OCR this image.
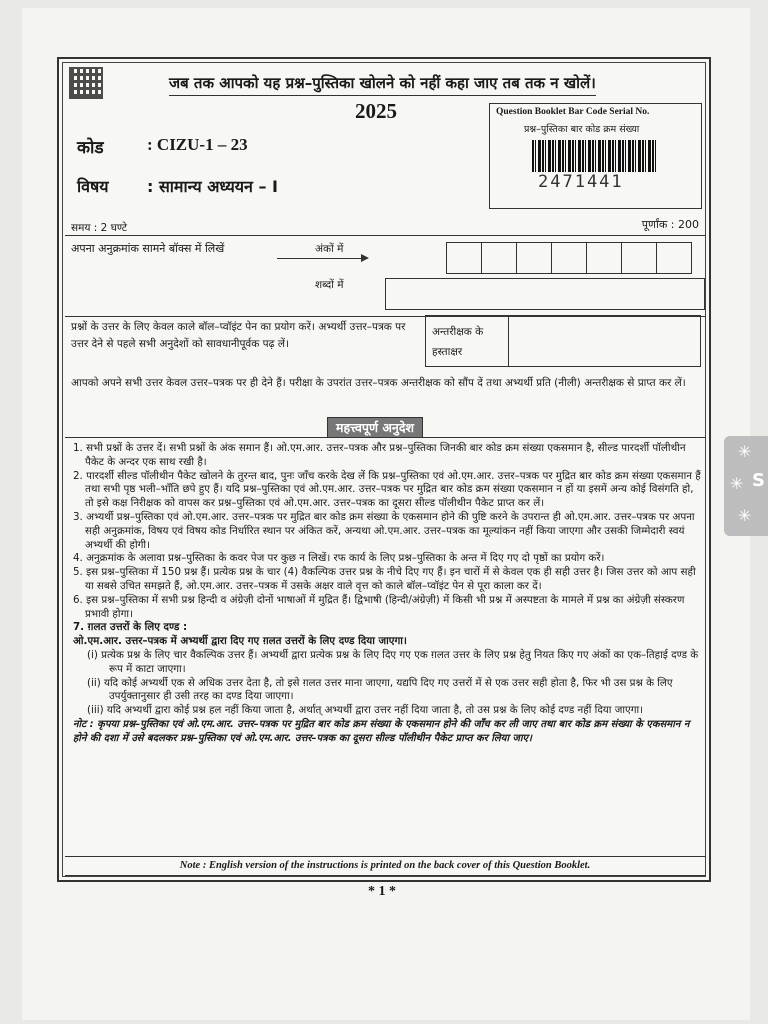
जब तक आपको यह प्रश्न–पुस्तिका खोलने को नहीं कहा जाए तब तक न खोलें।
2025
कोड	: CIZU-1 – 23
विषय : सामान्य अध्ययन – I
Question Booklet Bar Code Serial No.
प्रश्न–पुस्तिका बार कोड क्रम संख्या
2471441
समय : 2 घण्टे	पूर्णांक : 200
अपना अनुक्रमांक सामने बॉक्स में लिखें	अंकों में
शब्दों में
प्रश्नों के उत्तर के लिए केवल काले बॉल–प्वॉइंट पेन का प्रयोग करें। अभ्यर्थी उत्तर–पत्रक पर उत्तर देने से पहले सभी अनुदेशों को सावधानीपूर्वक पढ़ लें।
अन्तरीक्षक के हस्ताक्षर
आपको अपने सभी उत्तर केवल उत्तर–पत्रक पर ही देने हैं। परीक्षा के उपरांत उत्तर–पत्रक अन्तरीक्षक को सौंप दें तथा अभ्यर्थी प्रति (नीली) अन्तरीक्षक से प्राप्त कर लें।
महत्त्वपूर्ण अनुदेश

1. सभी प्रश्नों के उत्तर दें। सभी प्रश्नों के अंक समान हैं। ओ.एम.आर. उत्तर–पत्रक और प्रश्न–पुस्तिका जिनकी बार कोड क्रम संख्या एकसमान है, सील्ड पारदर्शी पॉलीथीन पैकेट के अन्दर एक साथ रखी है।

2. पारदर्शी सील्ड पॉलीथीन पैकेट खोलने के तुरन्त बाद, पुनः जाँच करके देख लें कि प्रश्न–पुस्तिका एवं ओ.एम.आर. उत्तर–पत्रक पर मुद्रित बार कोड क्रम संख्या एकसमान हैं तथा सभी पृष्ठ भली–भाँति छपे हुए हैं। यदि प्रश्न–पुस्तिका एवं ओ.एम.आर. उत्तर–पत्रक पर मुद्रित बार कोड क्रम संख्या एकसमान न हों या इसमें अन्य कोई विसंगति हो, तो इसे कक्ष निरीक्षक को वापस कर प्रश्न–पुस्तिका एवं ओ.एम.आर. उत्तर–पत्रक का दूसरा सील्ड पॉलीथीन पैकेट प्राप्त कर लें।

3. अभ्यर्थी प्रश्न–पुस्तिका एवं ओ.एम.आर. उत्तर–पत्रक पर मुद्रित बार कोड क्रम संख्या के एकसमान होने की पुष्टि करने के उपरान्त ही ओ.एम.आर. उत्तर–पत्रक पर अपना सही अनुक्रमांक, विषय एवं विषय कोड निर्धारित स्थान पर अंकित करें, अन्यथा ओ.एम.आर. उत्तर–पत्रक का मूल्यांकन नहीं किया जाएगा और उसकी जिम्मेदारी स्वयं अभ्यर्थी की होगी।

4. अनुक्रमांक के अलावा प्रश्न–पुस्तिका के कवर पेज पर कुछ न लिखें। रफ कार्य के लिए प्रश्न–पुस्तिका के अन्त में दिए गए दो पृष्ठों का प्रयोग करें।

5. इस प्रश्न–पुस्तिका में 150 प्रश्न हैं। प्रत्येक प्रश्न के चार (4) वैकल्पिक उत्तर प्रश्न के नीचे दिए गए हैं। इन चारों में से केवल एक ही सही उत्तर है। जिस उत्तर को आप सही या सबसे उचित समझते हैं, ओ.एम.आर. उत्तर–पत्रक में उसके अक्षर वाले वृत्त को काले बॉल–प्वॉइंट पेन से पूरा काला कर दें।

6. इस प्रश्न–पुस्तिका में सभी प्रश्न हिन्दी व अंग्रेज़ी दोनों भाषाओं में मुद्रित हैं। द्विभाषी (हिन्दी/अंग्रेज़ी) में किसी भी प्रश्न में अस्पष्टता के मामले में प्रश्न का अंग्रेज़ी संस्करण प्रभावी होगा।

7. ग़लत उत्तरों के लिए दण्ड :

ओ.एम.आर. उत्तर–पत्रक में अभ्यर्थी द्वारा दिए गए ग़लत उत्तरों के लिए दण्ड दिया जाएगा।

(i) प्रत्येक प्रश्न के लिए चार वैकल्पिक उत्तर हैं। अभ्यर्थी द्वारा प्रत्येक प्रश्न के लिए दिए गए एक ग़लत उत्तर के लिए प्रश्न हेतु नियत किए गए अंकों का एक–तिहाई दण्ड के रूप में काटा जाएगा।

(ii) यदि कोई अभ्यर्थी एक से अधिक उत्तर देता है, तो इसे ग़लत उत्तर माना जाएगा, यद्यपि दिए गए उत्तरों में से एक उत्तर सही होता है, फिर भी उस प्रश्न के लिए उपर्युक्तानुसार ही उसी तरह का दण्ड दिया जाएगा।

(iii) यदि अभ्यर्थी द्वारा कोई प्रश्न हल नहीं किया जाता है, अर्थात् अभ्यर्थी द्वारा उत्तर नहीं दिया जाता है, तो उस प्रश्न के लिए कोई दण्ड नहीं दिया जाएगा।

नोट : कृपया प्रश्न–पुस्तिका एवं ओ.एम.आर. उत्तर–पत्रक पर मुद्रित बार कोड क्रम संख्या के एकसमान होने की जाँच कर ली जाए तथा बार कोड क्रम संख्या के एकसमान न होने की दशा में उसे बदलकर प्रश्न–पुस्तिका एवं ओ.एम.आर. उत्तर–पत्रक का दूसरा सील्ड पॉलीथीन पैकेट प्राप्त कर लिया जाए।

Note : English version of the instructions is printed on the back cover of this Question Booklet.
* 1 *
✳
✳ S
✳
